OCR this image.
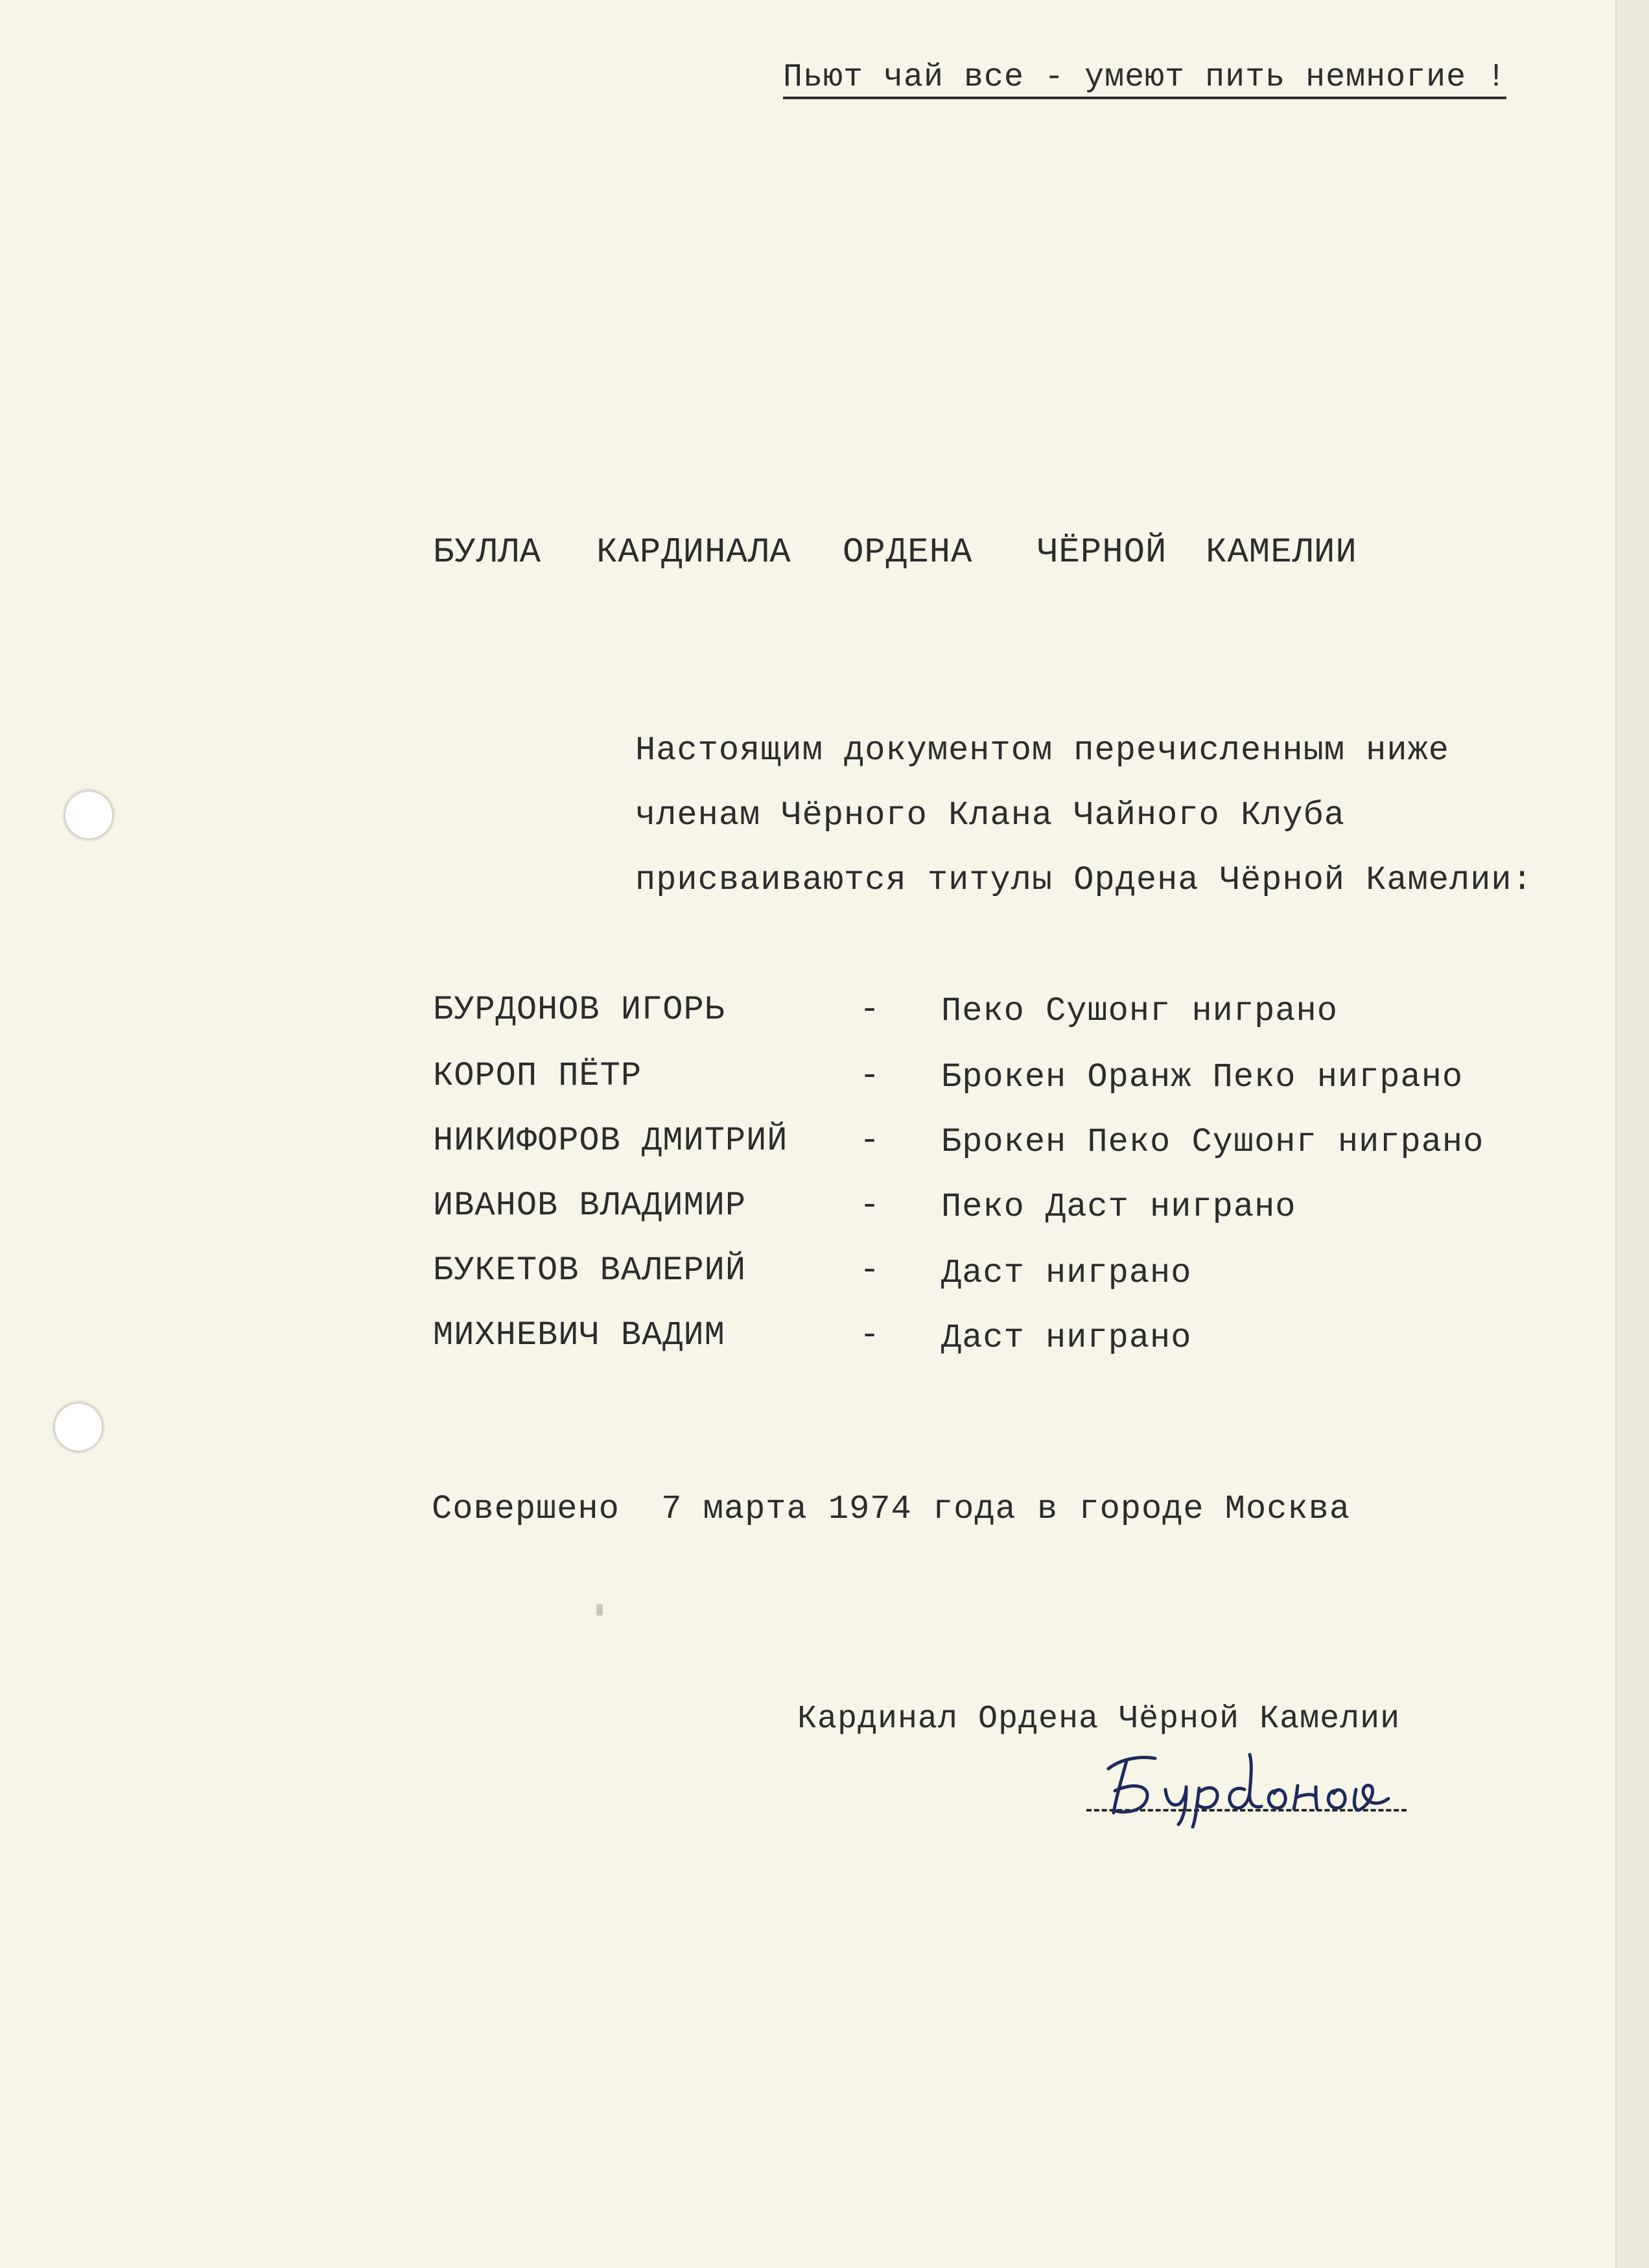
Пьют чай все - умеют пить немногие !

БУЛЛА

КАРДИНАЛА

ОРДЕНА

ЧЁРНОЙ

КАМЕЛИИ

Настоящим документом перечисленным ниже
членам Чёрного Клана Чайного Клуба
присваиваются титулы Ордена Чёрной Камелии:
БУРДОНОВ ИГОРЬ	- Пеко Сушонг ниграно
КОРОП ПЁТР	- Брокен Оранж Пеко ниграно
НИКИФОРОВ ДМИТРИЙ - Брокен Пеко Сушонг ниграно
ИВАНОВ ВЛАДИМИР	- Пеко Даст ниграно
БУКЕТОВ ВАЛЕРИЙ	- Даст ниграно
МИХНЕВИЧ ВАДИМ	- Даст ниграно
Кардинал Ордена Чёрной Камелии
Совершено  7 марта 1974 года в городе Москва
